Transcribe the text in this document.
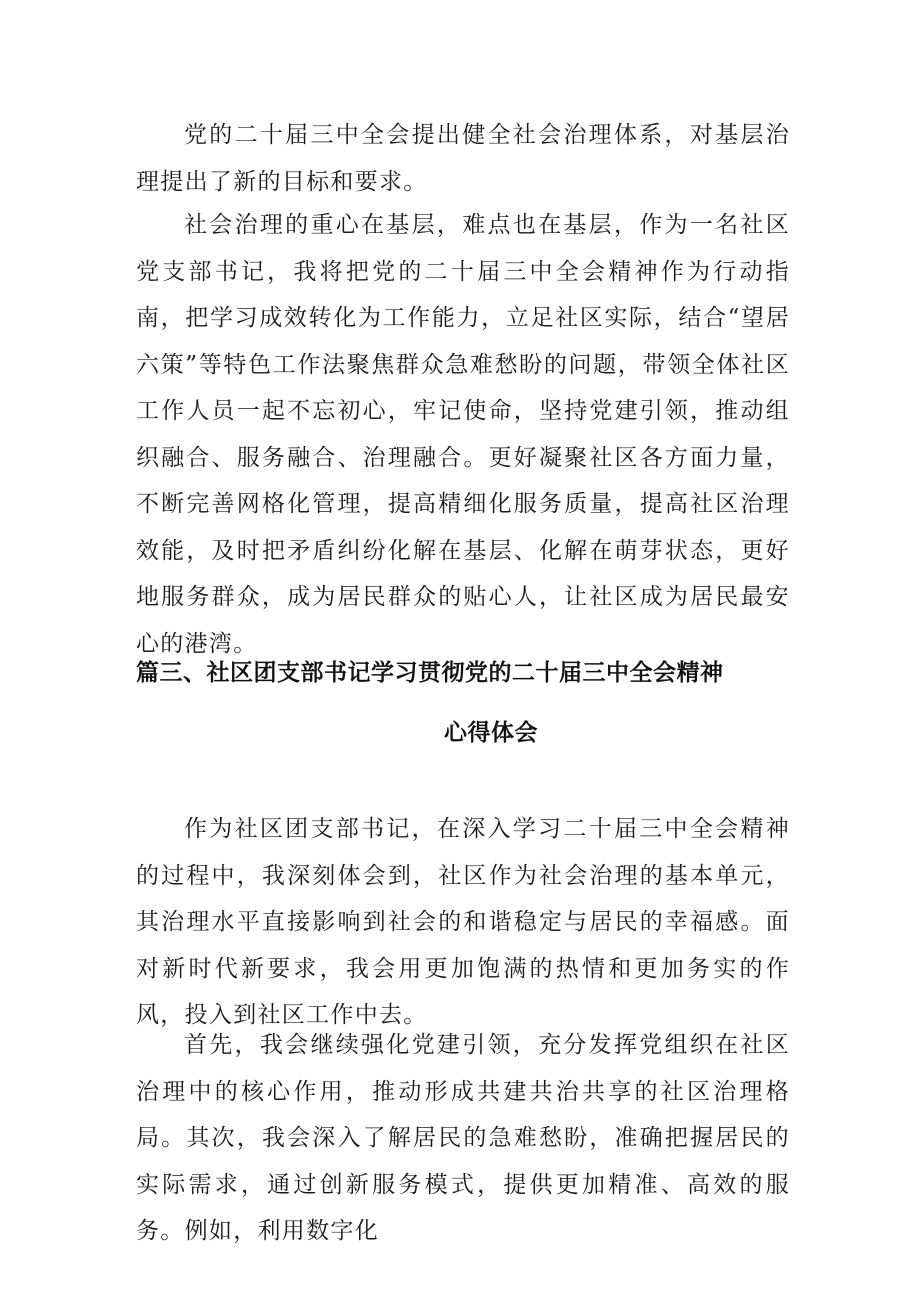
党的二十届三中全会提出健全社会治理体系，对基层治理提出了新的目标和要求。

社会治理的重心在基层，难点也在基层，作为一名社区党支部书记，我将把党的二十届三中全会精神作为行动指南，把学习成效转化为工作能力，立足社区实际，结合“望居六策”等特色工作法聚焦群众急难愁盼的问题，带领全体社区工作人员一起不忘初心，牢记使命，坚持党建引领，推动组织融合、服务融合、治理融合。更好凝聚社区各方面力量，不断完善网格化管理，提高精细化服务质量，提高社区治理效能，及时把矛盾纠纷化解在基层、化解在萌芽状态，更好地服务群众，成为居民群众的贴心人，让社区成为居民最安心的港湾。

篇三、社区团支部书记学习贯彻党的二十届三中全会精神
心得体会

作为社区团支部书记，在深入学习二十届三中全会精神的过程中，我深刻体会到，社区作为社会治理的基本单元，其治理水平直接影响到社会的和谐稳定与居民的幸福感。面对新时代新要求，我会用更加饱满的热情和更加务实的作风，投入到社区工作中去。

首先，我会继续强化党建引领，充分发挥党组织在社区治理中的核心作用，推动形成共建共治共享的社区治理格局。其次，我会深入了解居民的急难愁盼，准确把握居民的实际需求，通过创新服务模式，提供更加精准、高效的服务。例如，利用数字化
